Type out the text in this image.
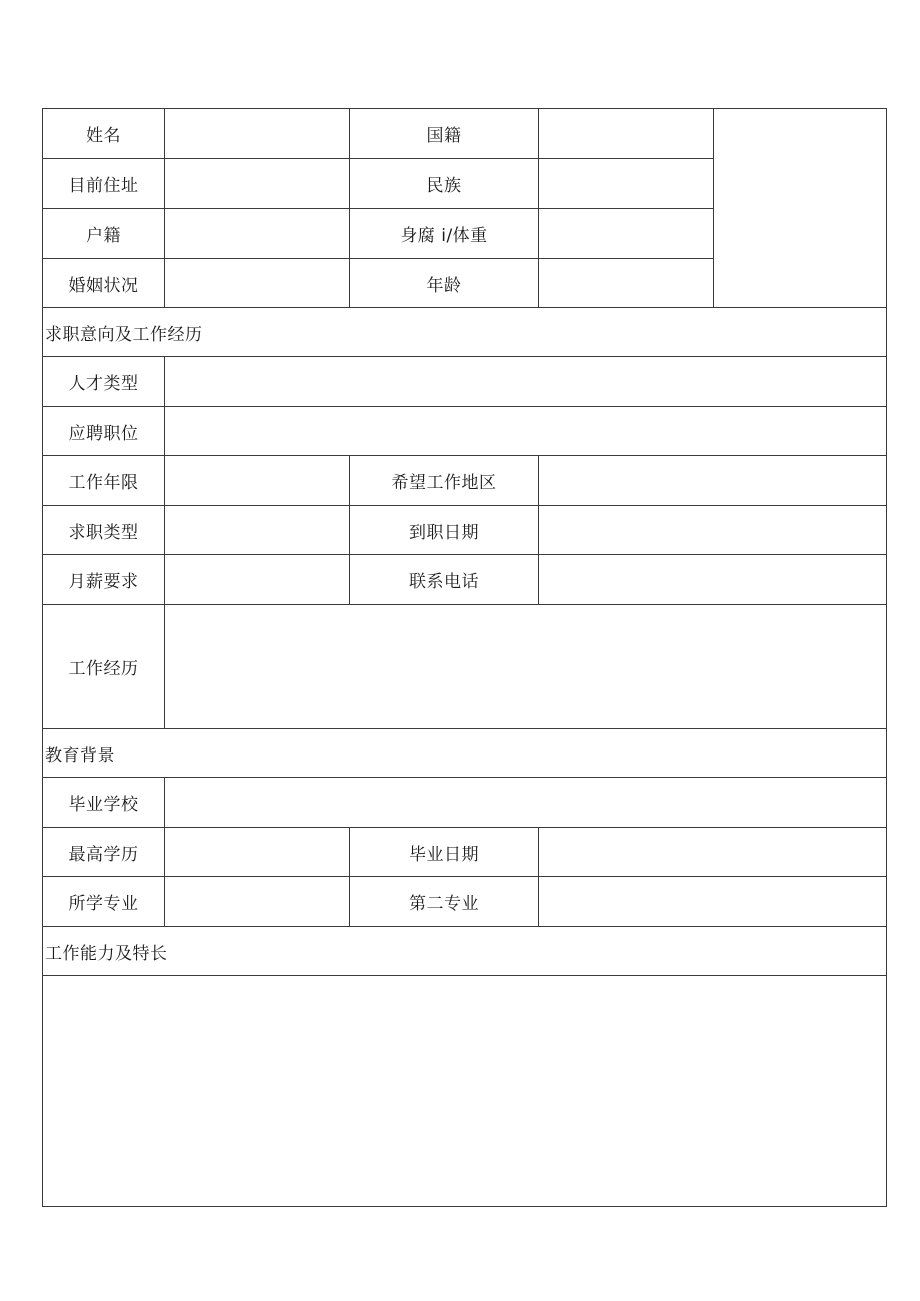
姓名	国籍
目前住址	民族
户籍	身腐 i/体重
婚姻状况	年龄
求职意向及工作经历
人才类型
应聘职位
工作年限	希望工作地区
求职类型	到职日期
月薪要求	联系电话
工作经历
教育背景
毕业学校
最高学历	毕业日期
所学专业	第二专业
工作能力及特长
